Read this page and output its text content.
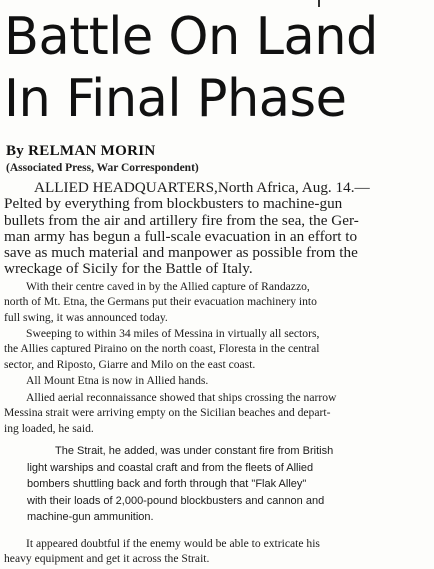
Battle On Land
In Final Phase
By RELMAN MORIN
(Associated Press, War Correspondent)
ALLIED HEADQUARTERS,North Africa, Aug. 14.—
Pelted by everything from blockbusters to machine-gun
bullets from the air and artillery fire from the sea, the Ger-
man army has begun a full-scale evacuation in an effort to
save as much material and manpower as possible from the
wreckage of Sicily for the Battle of Italy.
With their centre caved in by the Allied capture of Randazzo,
north of Mt. Etna, the Germans put their evacuation machinery into
full swing, it was announced today.
Sweeping to within 34 miles of Messina in virtually all sectors,
the Allies captured Piraino on the north coast, Floresta in the central
sector, and Riposto, Giarre and Milo on the east coast.
All Mount Etna is now in Allied hands.
Allied aerial reconnaissance showed that ships crossing the narrow
Messina strait were arriving empty on the Sicilian beaches and depart-
ing loaded, he said.
The Strait, he added, was under constant fire from British
light warships and coastal craft and from the fleets of Allied
bombers shuttling back and forth through that "Flak Alley"
with their loads of 2,000-pound blockbusters and cannon and
machine-gun ammunition.
It appeared doubtful if the enemy would be able to extricate his
heavy equipment and get it across the Strait.
